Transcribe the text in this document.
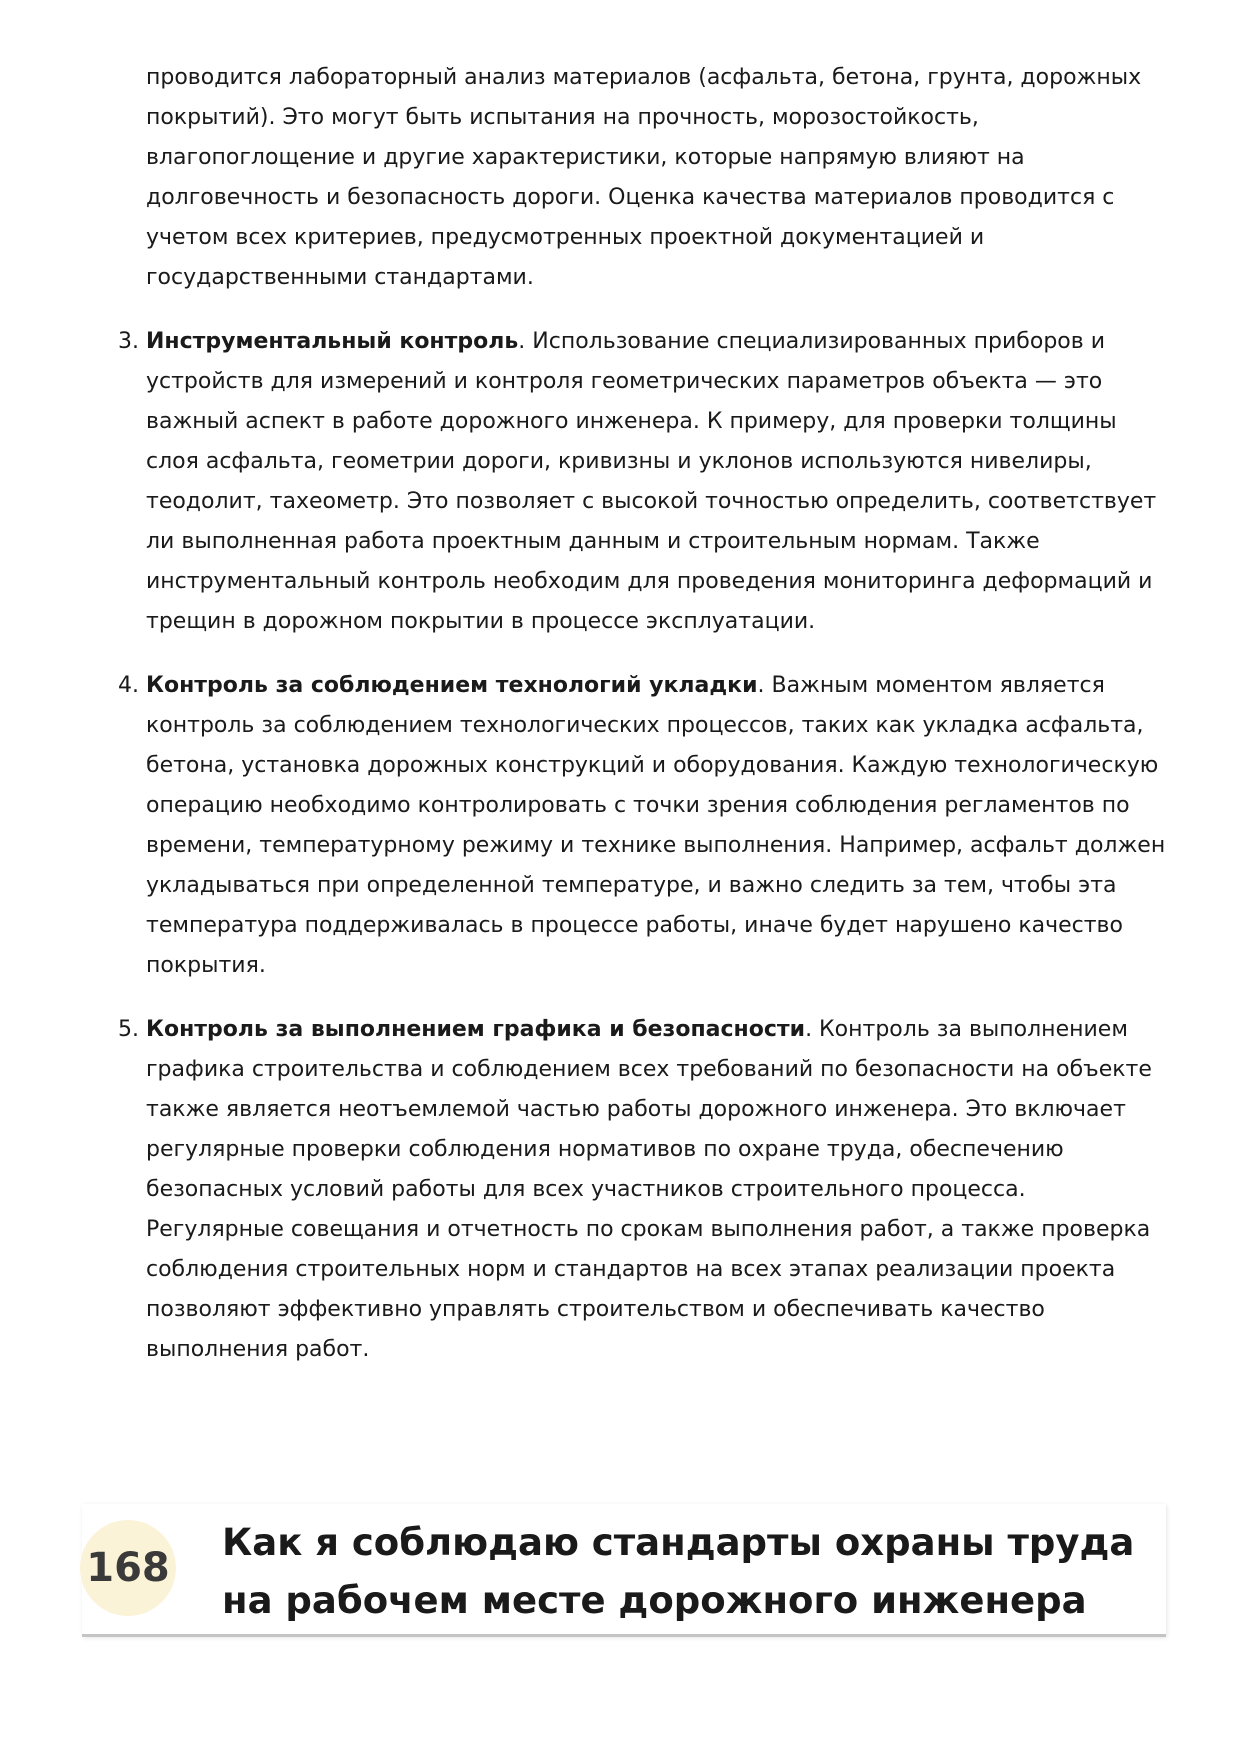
проводится лабораторный анализ материалов (асфальта, бетона, грунта, дорожных покрытий). Это могут быть испытания на прочность, морозостойкость, влагопоглощение и другие характеристики, которые напрямую влияют на долговечность и безопасность дороги. Оценка качества материалов проводится с учетом всех критериев, предусмотренных проектной документацией и государственными стандартами.

3. Инструментальный контроль. Использование специализированных приборов и устройств для измерений и контроля геометрических параметров объекта — это важный аспект в работе дорожного инженера. К примеру, для проверки толщины слоя асфальта, геометрии дороги, кривизны и уклонов используются нивелиры, теодолит, тахеометр. Это позволяет с высокой точностью определить, соответствует ли выполненная работа проектным данным и строительным нормам. Также инструментальный контроль необходим для проведения мониторинга деформаций и трещин в дорожном покрытии в процессе эксплуатации.

4. Контроль за соблюдением технологий укладки. Важным моментом является контроль за соблюдением технологических процессов, таких как укладка асфальта, бетона, установка дорожных конструкций и оборудования. Каждую технологическую операцию необходимо контролировать с точки зрения соблюдения регламентов по времени, температурному режиму и технике выполнения. Например, асфальт должен укладываться при определенной температуре, и важно следить за тем, чтобы эта температура поддерживалась в процессе работы, иначе будет нарушено качество покрытия.

5. Контроль за выполнением графика и безопасности. Контроль за выполнением графика строительства и соблюдением всех требований по безопасности на объекте также является неотъемлемой частью работы дорожного инженера. Это включает регулярные проверки соблюдения нормативов по охране труда, обеспечению безопасных условий работы для всех участников строительного процесса. Регулярные совещания и отчетность по срокам выполнения работ, а также проверка соблюдения строительных норм и стандартов на всех этапах реализации проекта позволяют эффективно управлять строительством и обеспечивать качество выполнения работ.

168
Как я соблюдаю стандарты охраны труда на рабочем месте дорожного инженера
